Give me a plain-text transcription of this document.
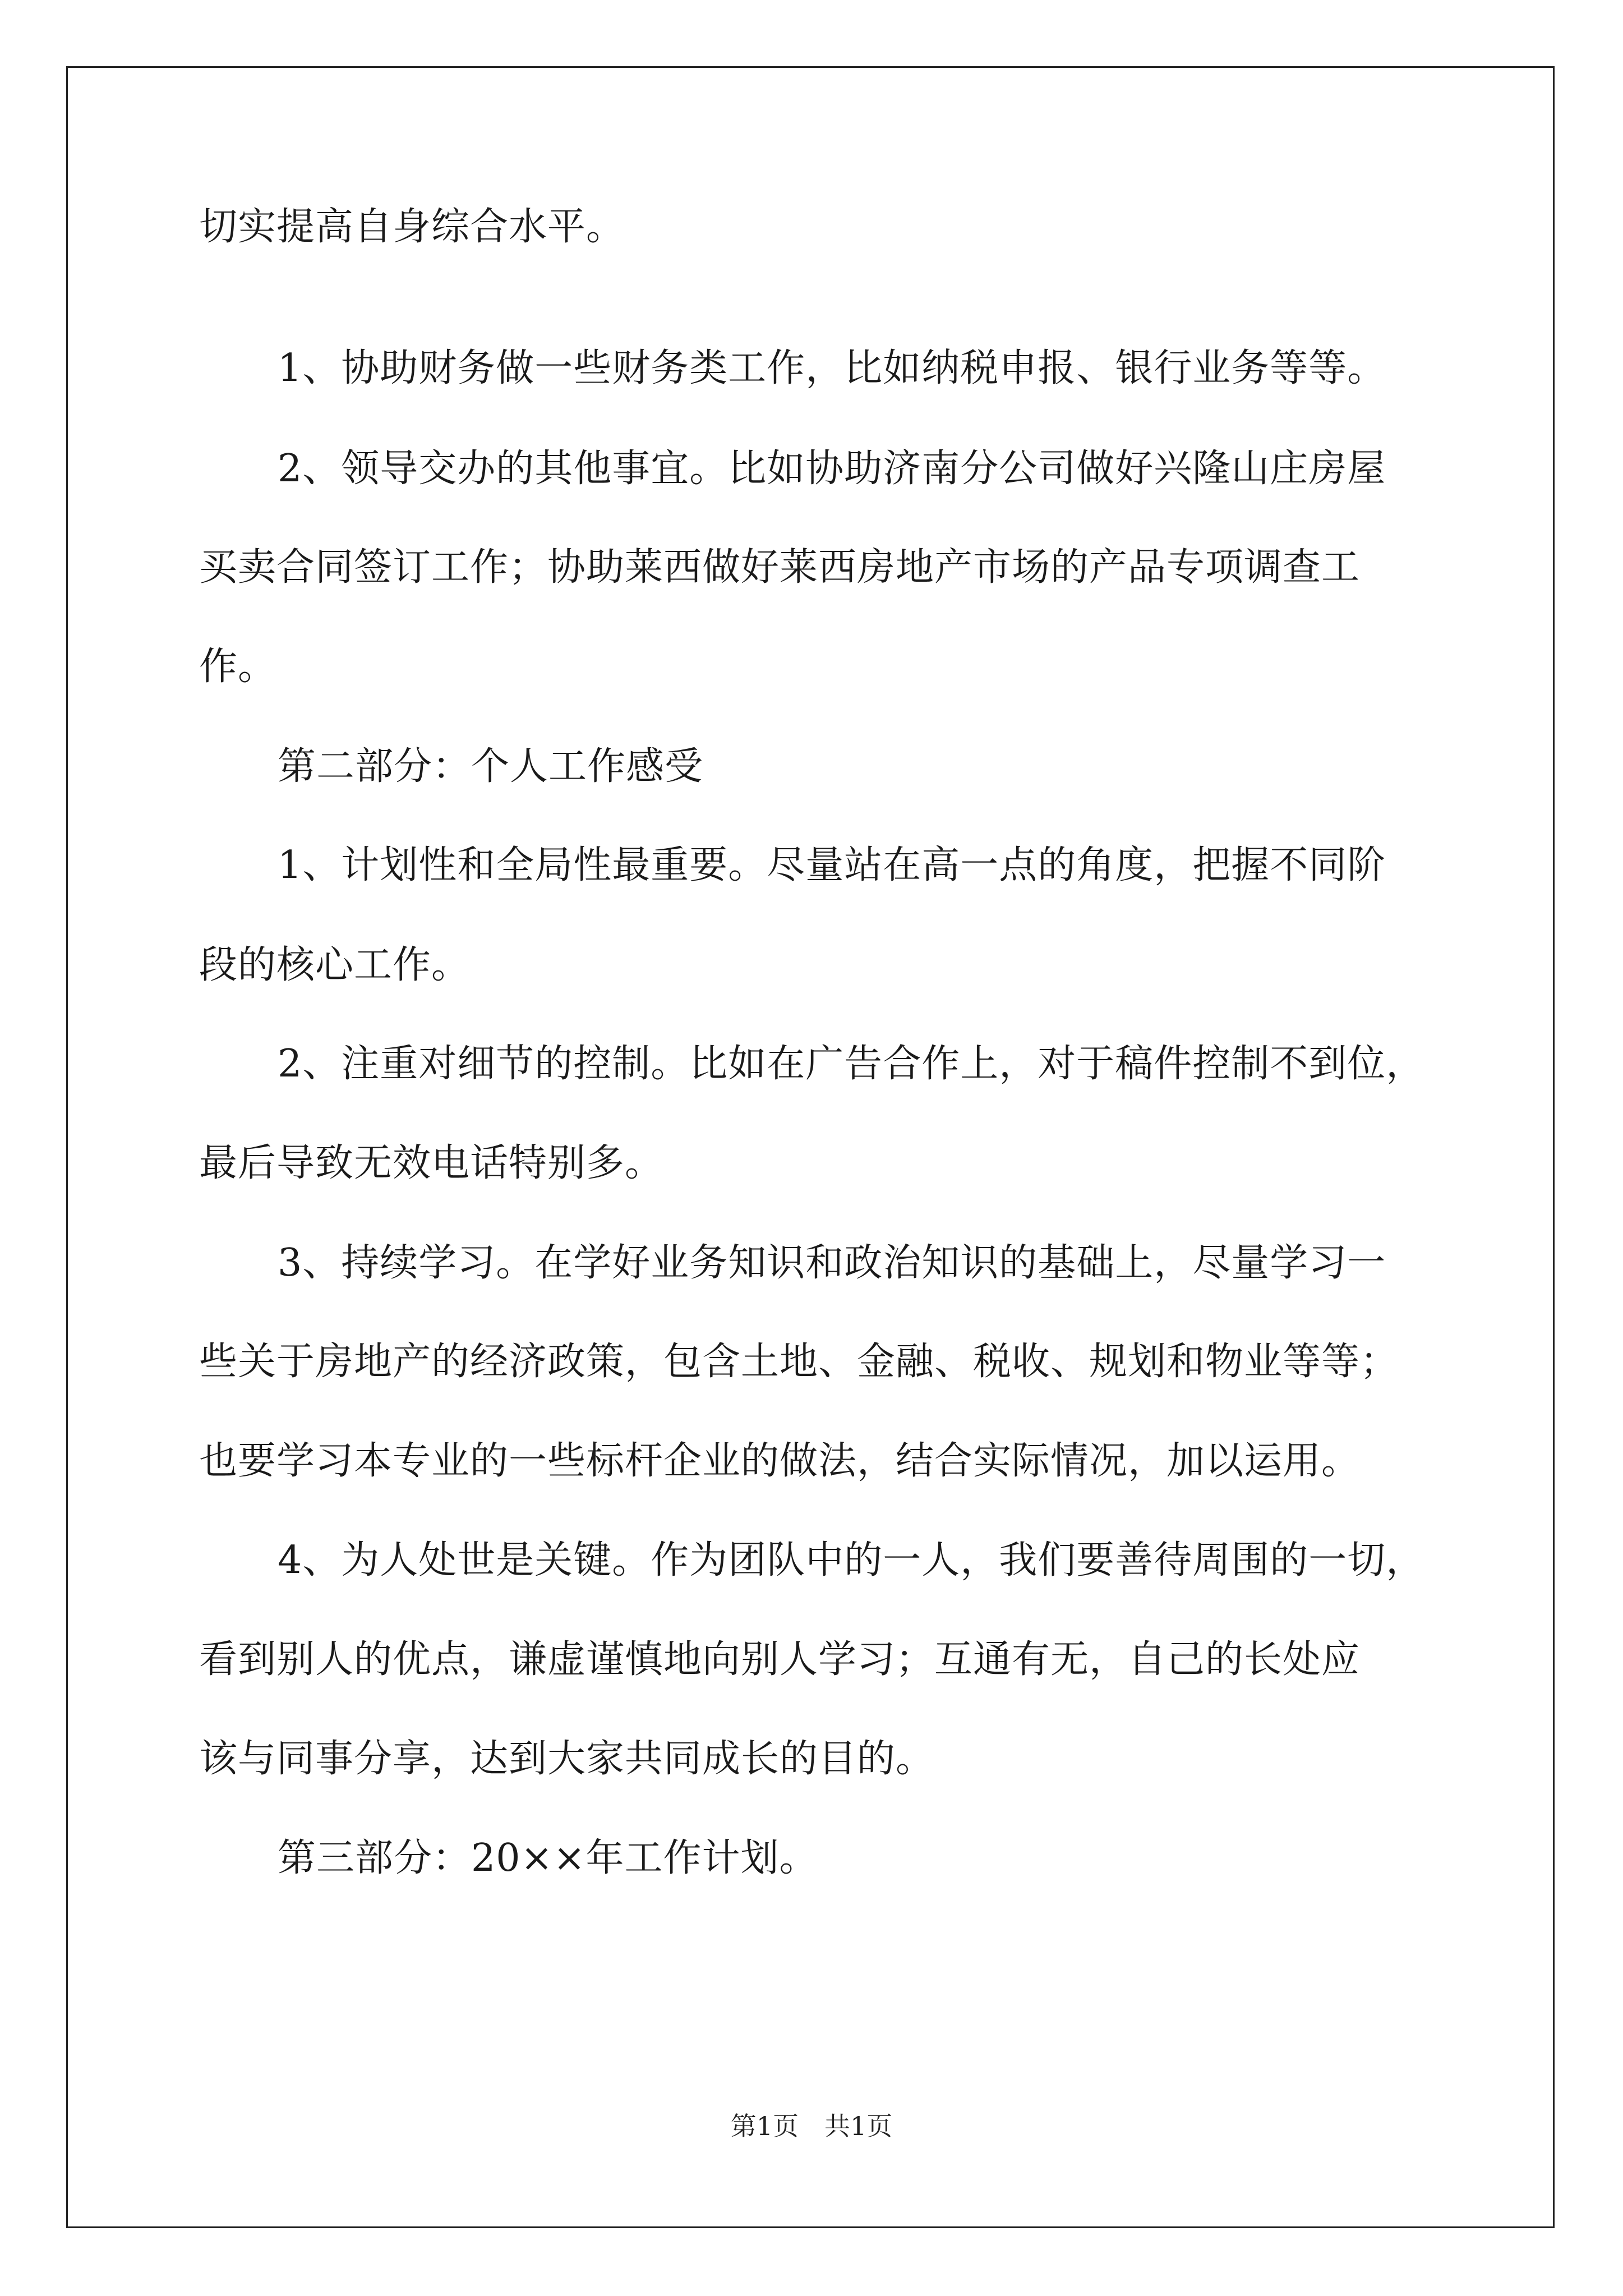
切实提高自身综合水平。
1、协助财务做一些财务类工作，比如纳税申报、银行业务等等。
2、领导交办的其他事宜。比如协助济南分公司做好兴隆山庄房屋
买卖合同签订工作；协助莱西做好莱西房地产市场的产品专项调查工
作。
第二部分：个人工作感受
1、计划性和全局性最重要。尽量站在高一点的角度，把握不同阶
段的核心工作。
2、注重对细节的控制。比如在广告合作上，对于稿件控制不到位，
最后导致无效电话特别多。
3、持续学习。在学好业务知识和政治知识的基础上，尽量学习一
些关于房地产的经济政策，包含土地、金融、税收、规划和物业等等；
也要学习本专业的一些标杆企业的做法，结合实际情况，加以运用。
4、为人处世是关键。作为团队中的一人，我们要善待周围的一切，
看到别人的优点，谦虚谨慎地向别人学习；互通有无，自己的长处应
该与同事分享，达到大家共同成长的目的。
第三部分：20××年工作计划。
第1页　共1页
